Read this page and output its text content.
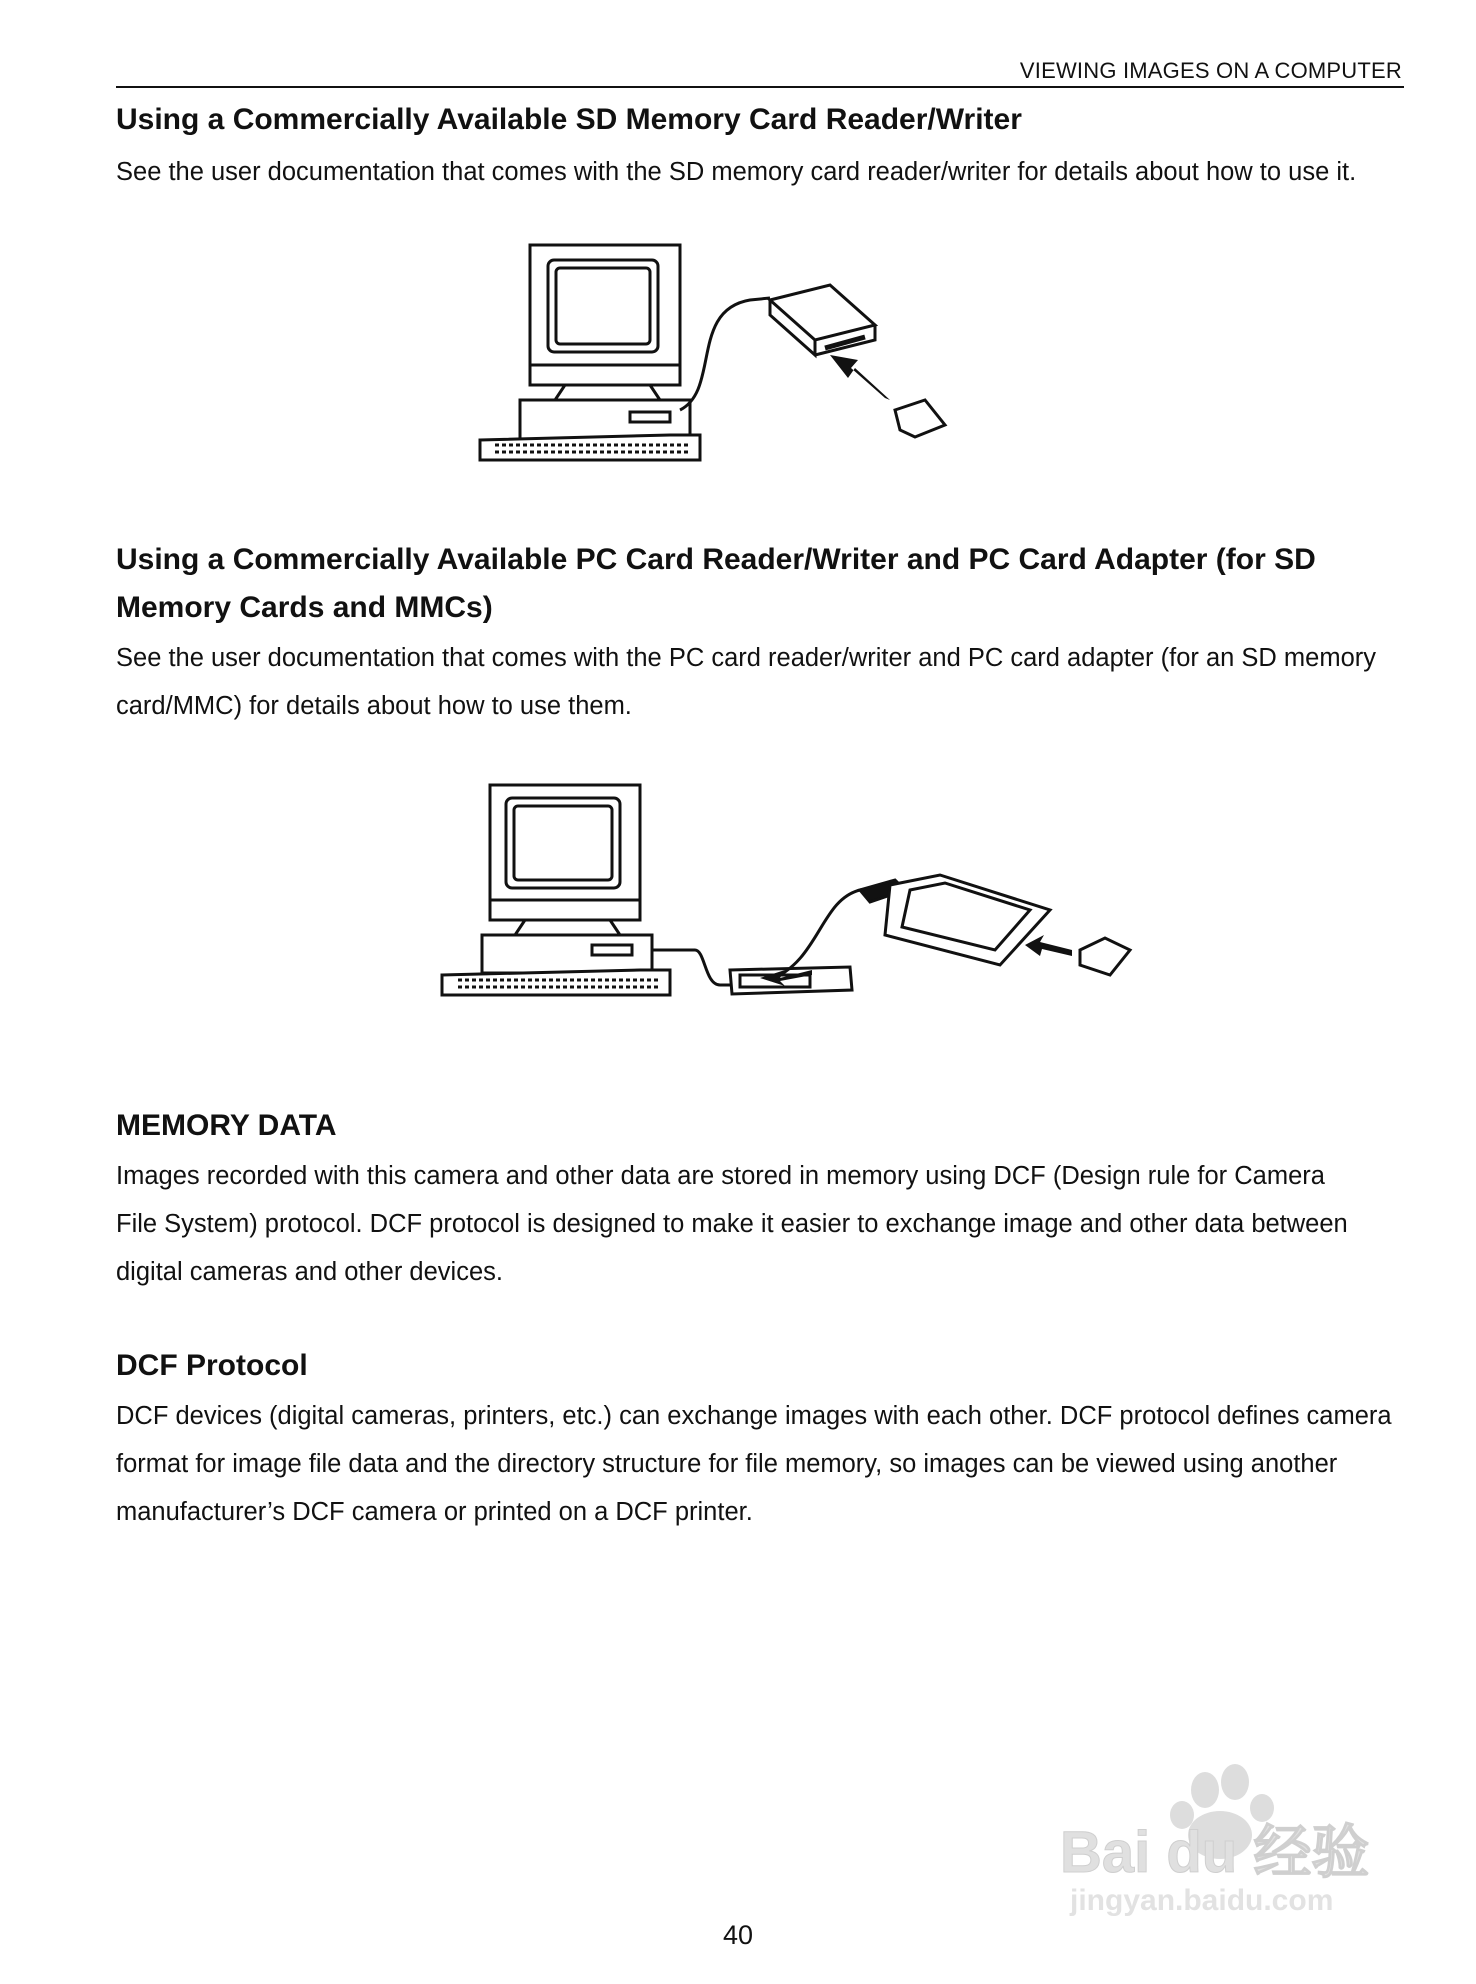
VIEWING IMAGES ON A COMPUTER
Using a Commercially Available SD Memory Card Reader/Writer
See the user documentation that comes with the SD memory card reader/writer for details about how to use it.
Using a Commercially Available PC Card Reader/Writer and PC Card Adapter (for SD Memory Cards and MMCs)
See the user documentation that comes with the PC card reader/writer and PC card adapter (for an SD memory card/MMC) for details about how to use them.
MEMORY DATA
Images recorded with this camera and other data are stored in memory using DCF (Design rule for Camera File System) protocol. DCF protocol is designed to make it easier to exchange image and other data between digital cameras and other devices.
DCF Protocol
DCF devices (digital cameras, printers, etc.) can exchange images with each other. DCF protocol defines camera format for image file data and the directory structure for file memory, so images can be viewed using another manufacturer’s DCF camera or printed on a DCF printer.
Bai du 经验
jingyan.baidu.com
40
